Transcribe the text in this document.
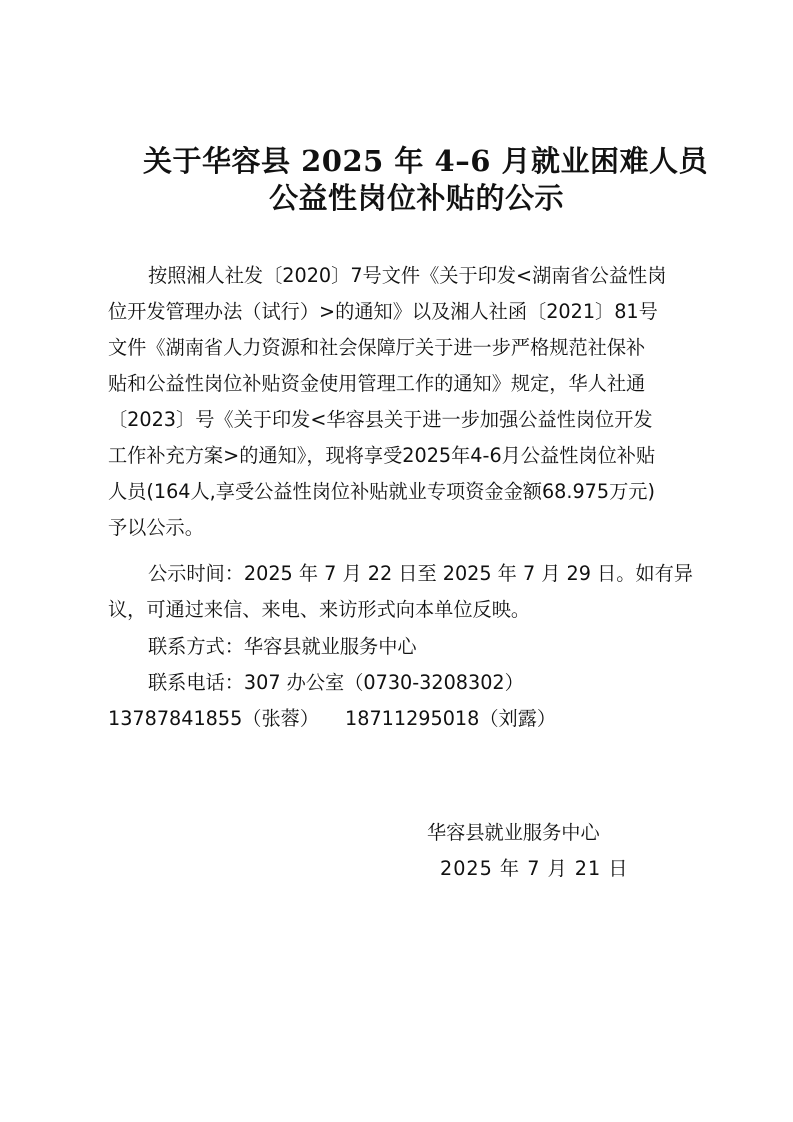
关于华容县 2025 年 4–6 月就业困难人员
公益性岗位补贴的公示
按照湘人社发〔2020〕7号文件《关于印发<湖南省公益性岗
位开发管理办法（试行）>的通知》以及湘人社函〔2021〕81号
文件《湖南省人力资源和社会保障厅关于进一步严格规范社保补
贴和公益性岗位补贴资金使用管理工作的通知》规定，华人社通
〔2023〕号《关于印发<华容县关于进一步加强公益性岗位开发
工作补充方案>的通知》，现将享受2025年4-6月公益性岗位补贴
人员(164人,享受公益性岗位补贴就业专项资金金额68.975万元)
予以公示。
公示时间：2025 年 7 月 22 日至 2025 年 7 月 29 日。如有异
议，可通过来信、来电、来访形式向本单位反映。
联系方式：华容县就业服务中心
联系电话：307 办公室（0730-3208302）
13787841855（张蓉） 18711295018（刘露）
华容县就业服务中心
2025 年 7 月 21 日
